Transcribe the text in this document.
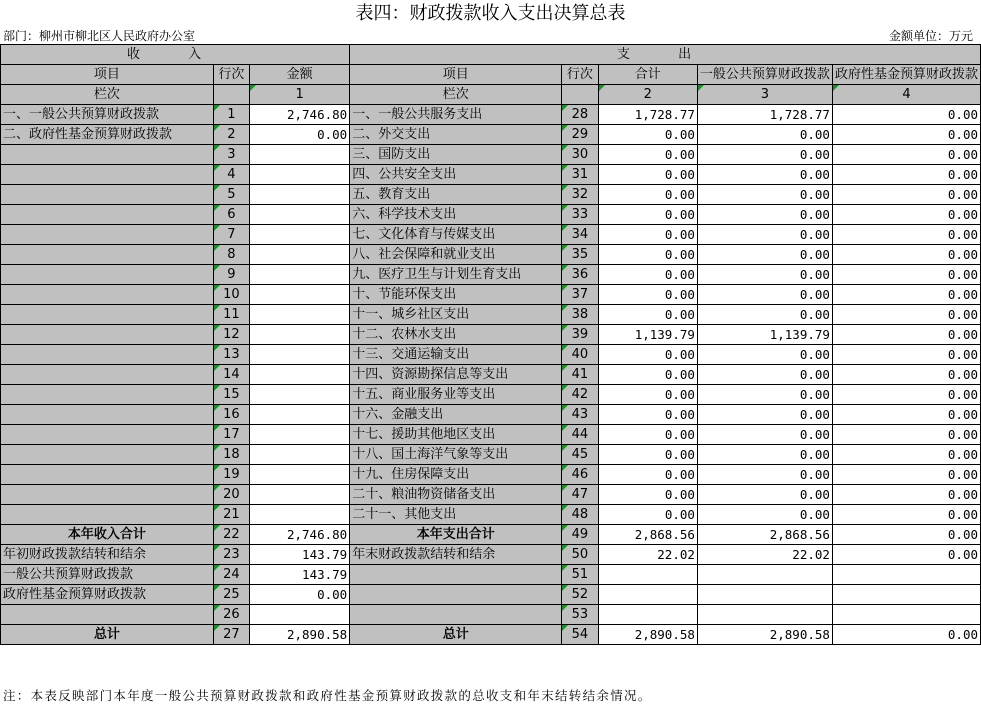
表四：财政拨款收入支出决算总表
部门：柳州市柳北区人民政府办公室	金额单位：万元
收 入			支 出				
项目	行次	金额	项目	行次	合计	一般公共预算财政拨款	政府性基金预算财政拨款
栏次		1	栏次		2	3	4
一、一般公共预算财政拨款	1	2,746.80	一、一般公共服务支出	28	1,728.77	1,728.77	0.00
二、政府性基金预算财政拨款	2	0.00	二、外交支出	29	0.00	0.00	0.00
	3		三、国防支出	30	0.00	0.00	0.00
	4		四、公共安全支出	31	0.00	0.00	0.00
	5		五、教育支出	32	0.00	0.00	0.00
	6		六、科学技术支出	33	0.00	0.00	0.00
	7		七、文化体育与传媒支出	34	0.00	0.00	0.00
	8		八、社会保障和就业支出	35	0.00	0.00	0.00
	9		九、医疗卫生与计划生育支出	36	0.00	0.00	0.00
	10		十、节能环保支出	37	0.00	0.00	0.00
	11		十一、城乡社区支出	38	0.00	0.00	0.00
	12		十二、农林水支出	39	1,139.79	1,139.79	0.00
	13		十三、交通运输支出	40	0.00	0.00	0.00
	14		十四、资源勘探信息等支出	41	0.00	0.00	0.00
	15		十五、商业服务业等支出	42	0.00	0.00	0.00
	16		十六、金融支出	43	0.00	0.00	0.00
	17		十七、援助其他地区支出	44	0.00	0.00	0.00
	18		十八、国土海洋气象等支出	45	0.00	0.00	0.00
	19		十九、住房保障支出	46	0.00	0.00	0.00
	20		二十、粮油物资储备支出	47	0.00	0.00	0.00
	21		二十一、其他支出	48	0.00	0.00	0.00
本年收入合计	22	2,746.80	本年支出合计	49	2,868.56	2,868.56	0.00
年初财政拨款结转和结余	23	143.79	年末财政拨款结转和结余	50	22.02	22.02	0.00
一般公共预算财政拨款	24	143.79		51			
政府性基金预算财政拨款	25	0.00		52			
	26			53			
总计	27	2,890.58	总计	54	2,890.58	2,890.58	0.00
注：本表反映部门本年度一般公共预算财政拨款和政府性基金预算财政拨款的总收支和年末结转结余情况。
